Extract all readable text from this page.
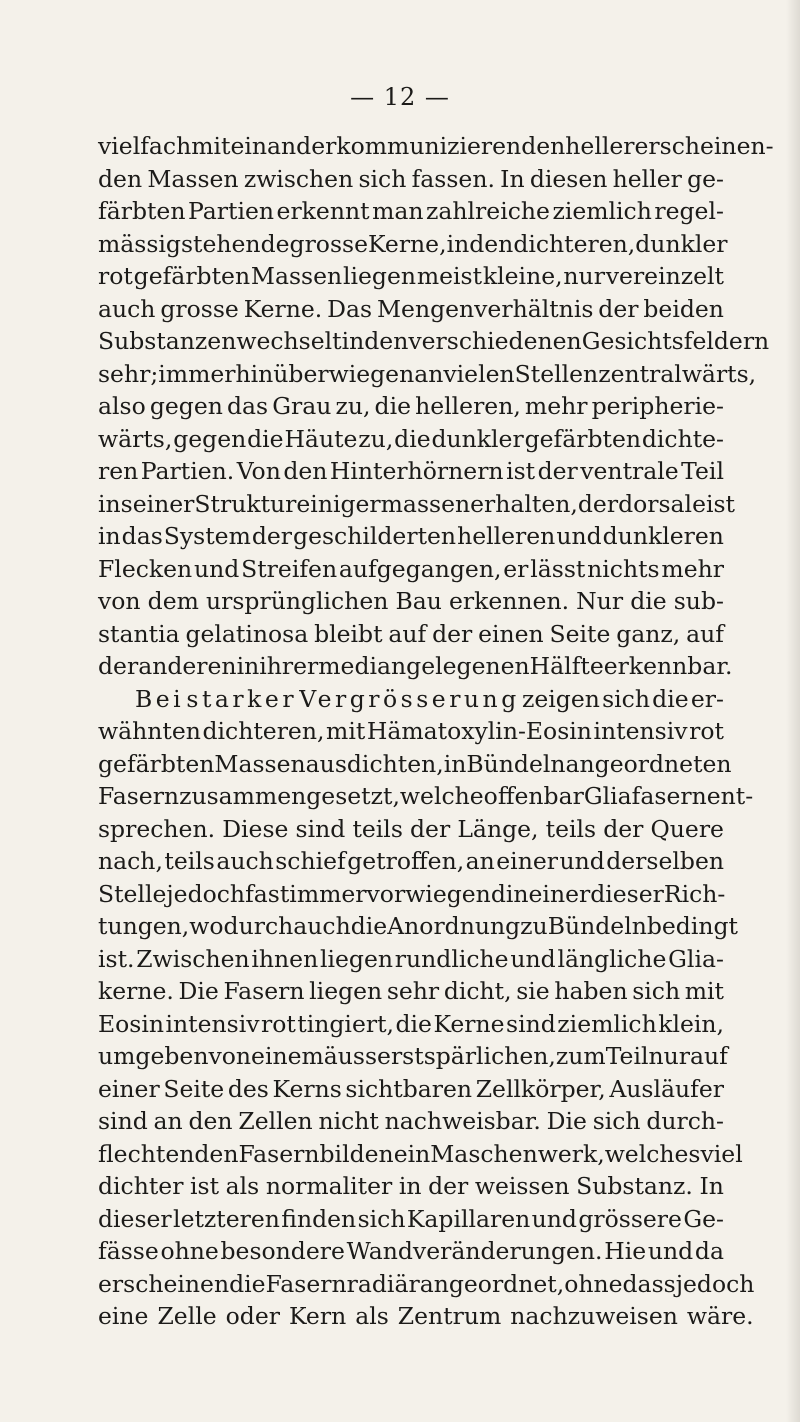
— 12 —
vielfach miteinander kommunizierenden heller erscheinen-
den Massen zwischen sich fassen. In diesen heller ge-
färbten Partien erkennt man zahlreiche ziemlich regel-
mässig stehende grosse Kerne, in den dichteren, dunkler
rot gefärbten Massen liegen meist kleine, nur vereinzelt
auch grosse Kerne. Das Mengenverhältnis der beiden
Substanzen wechselt in den verschiedenen Gesichtsfeldern
sehr; immerhin überwiegen an vielen Stellen zentralwärts,
also gegen das Grau zu, die helleren, mehr peripherie-
wärts, gegen die Häute zu, die dunkler gefärbten dichte-
ren Partien. Von den Hinterhörnern ist der ventrale Teil
in seiner Struktur einigermassen erhalten, der dorsale ist
in das System der geschilderten helleren und dunkleren
Flecken und Streifen aufgegangen, er lässt nichts mehr
von dem ursprünglichen Bau erkennen. Nur die sub-
stantia gelatinosa bleibt auf der einen Seite ganz, auf
der anderen in ihrer median gelegenen Hälfte erkennbar.
Bei starker Vergrösserung zeigen sich die er-
wähnten dichteren, mit Hämatoxylin-Eosin intensiv rot
gefärbten Massen aus dichten, in Bündeln angeordneten
Fasern zusammengesetzt, welche offenbar Gliafasern ent-
sprechen. Diese sind teils der Länge, teils der Quere
nach, teils auch schief getroffen, an einer und derselben
Stelle jedoch fast immer vorwiegend in einer dieser Rich-
tungen, wodurch auch die Anordnung zu Bündeln bedingt
ist. Zwischen ihnen liegen rundliche und längliche Glia-
kerne. Die Fasern liegen sehr dicht, sie haben sich mit
Eosin intensiv rot tingiert, die Kerne sind ziemlich klein,
umgeben von einem äusserst spärlichen, zum Teil nur auf
einer Seite des Kerns sichtbaren Zellkörper, Ausläufer
sind an den Zellen nicht nachweisbar. Die sich durch-
flechtenden Fasern bilden ein Maschenwerk, welches viel
dichter ist als normaliter in der weissen Substanz. In
dieser letzteren finden sich Kapillaren und grössere Ge-
fässe ohne besondere Wandveränderungen. Hie und da
erscheinen die Fasern radiär angeordnet, ohne dass jedoch
eine Zelle oder Kern als Zentrum nachzuweisen wäre.
